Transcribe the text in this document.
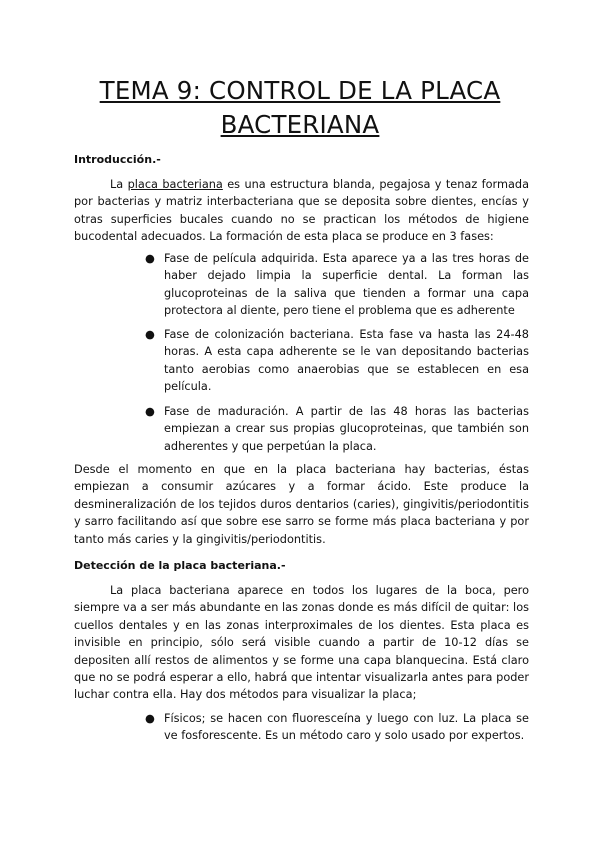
TEMA 9: CONTROL DE LA PLACA
BACTERIANA
Introducción.-

La placa bacteriana es una estructura blanda, pegajosa y tenaz formada por bacterias y matriz interbacteriana que se deposita sobre dientes, encías y otras superficies bucales cuando no se practican los métodos de higiene bucodental adecuados. La formación de esta placa se produce en 3 fases:

● Fase de película adquirida. Esta aparece ya a las tres horas de haber dejado limpia la superficie dental. La forman las glucoproteinas de la saliva que tienden a formar una capa protectora al diente, pero tiene el problema que es adherente

● Fase de colonización bacteriana. Esta fase va hasta las 24-48 horas. A esta capa adherente se le van depositando bacterias tanto aerobias como anaerobias que se establecen en esa película.

● Fase de maduración. A partir de las 48 horas las bacterias empiezan a crear sus propias glucoproteinas, que también son adherentes y que perpetúan la placa.

Desde el momento en que en la placa bacteriana hay bacterias, éstas empiezan a consumir azúcares y a formar ácido. Este produce la desmineralización de los tejidos duros dentarios (caries), gingivitis/periodontitis y sarro facilitando así que sobre ese sarro se forme más placa bacteriana y por tanto más caries y la gingivitis/periodontitis.

Detección de la placa bacteriana.-

La placa bacteriana aparece en todos los lugares de la boca, pero siempre va a ser más abundante en las zonas donde es más difícil de quitar: los cuellos dentales y en las zonas interproximales de los dientes. Esta placa es invisible en principio, sólo será visible cuando a partir de 10-12 días se depositen allí restos de alimentos y se forme una capa blanquecina. Está claro que no se podrá esperar a ello, habrá que intentar visualizarla antes para poder luchar contra ella. Hay dos métodos para visualizar la placa;

● Físicos; se hacen con fluoresceína y luego con luz. La placa se ve fosforescente. Es un método caro y solo usado por expertos.
